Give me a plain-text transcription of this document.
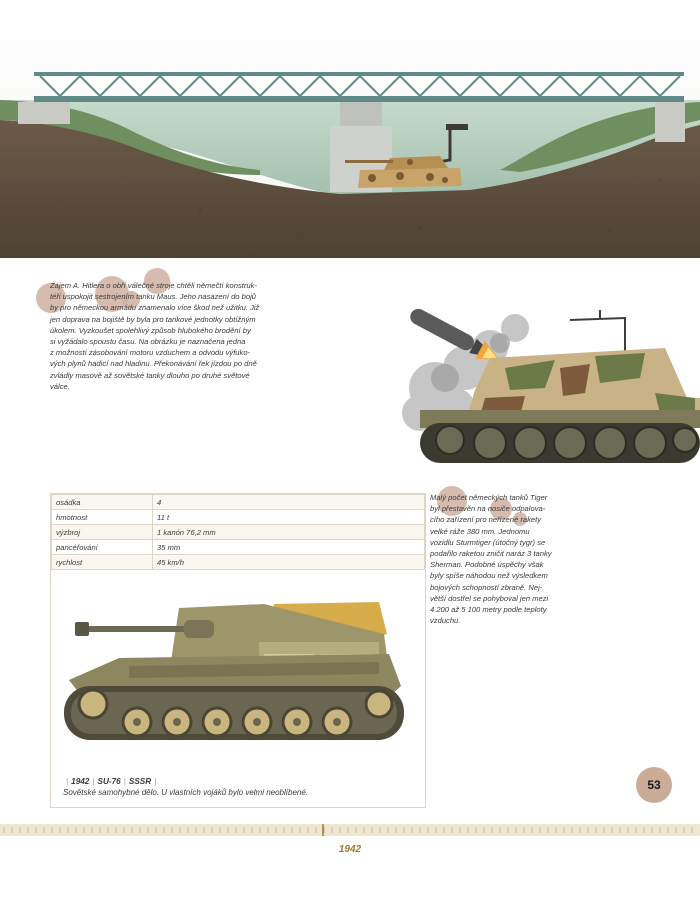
Zájem A. Hitlera o obří válečné stroje chtěli němečtí konstruk-
téři uspokojit sestrojením tanku Maus. Jeho nasazení do bojů
by pro německou armádu znamenalo více škod než užitku. Již
jen doprava na bojiště by byla pro tankové jednotky obtížným
úkolem. Vyzkoušet spolehlivý způsob hlubokého brodění by
si vyžádalo spoustu času. Na obrázku je naznačena jedna
z možností zásobování motoru vzduchem a odvodu výfuko-
vých plynů hadicí nad hladinu. Překonávání řek jízdou po dně
zvládly masově až sovětské tanky dlouho po druhé světové
válce.

osádka	4
hmotnost	11 t
výzbroj	1 kanón 76,2 mm
pancéřování	35 mm
rychlost	45 km/h
| 1942 | SU-76 | SSSR |
Sovětské samohybné dělo. U vlastních vojáků bylo velmi neoblíbené.

Malý počet německých tanků Tiger
byl přestavěn na nosiče odpalova-
cího zařízení pro neřízené rakety
velké ráže 380 mm. Jednomu
vozidlu Sturmtiger (útočný tygr) se
podařilo raketou zničit naráz 3 tanky
Sherman. Podobné úspěchy však
byly spíše náhodou než výsledkem
bojových schopností zbraně. Nej-
větší dostřel se pohyboval jen mezi
4 200 až 5 100 metry podle teploty
vzduchu.

53
1942
